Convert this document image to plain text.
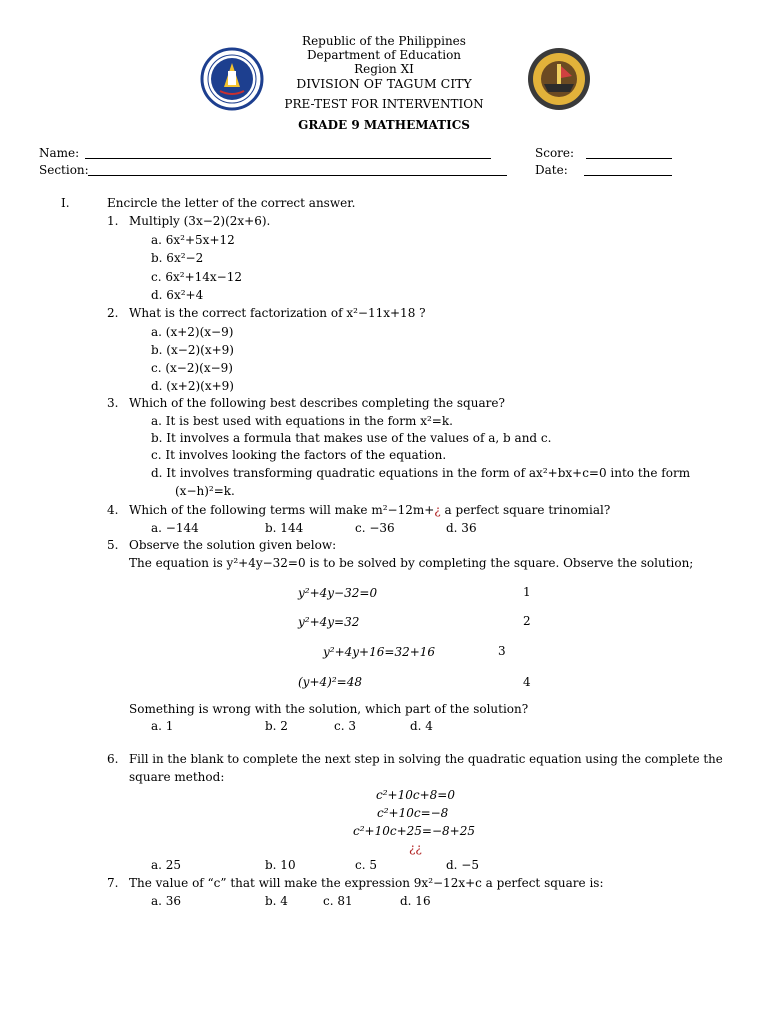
Republic of the Philippines
Department of Education
Region XI
DIVISION OF TAGUM CITY
PRE-TEST FOR INTERVENTION
GRADE 9 MATHEMATICS
Name:
Section:
Score:
Date:
I.	Encircle the letter of the correct answer.
1. Multiply (3x−2)(2x+6).
a. 6x²+5x+12
b. 6x²−2
c. 6x²+14x−12
d. 6x²+4
2. What is the correct factorization of x²−11x+18 ?
a. (x+2)(x−9)
b. (x−2)(x+9)
c. (x−2)(x−9)
d. (x+2)(x+9)
3. Which of the following best describes completing the square?
a. It is best used with equations in the form x²=k.
b. It involves a formula that makes use of the values of a, b and c.
c. It involves looking the factors of the equation.
d. It involves transforming quadratic equations in the form of ax²+bx+c=0 into the form
(x−h)²=k.
4. Which of the following terms will make m²−12m+¿ a perfect square trinomial?
a. −144	b. 144	c. −36	d. 36
5. Observe the solution given below:
The equation is y²+4y−32=0 is to be solved by completing the square. Observe the solution;
y²+4y−32=0	1
y²+4y=32	2
y²+4y+16=32+16	3
(y+4)²=48	4
Something is wrong with the solution, which part of the solution?
a. 1	b. 2	c. 3	d. 4
6. Fill in the blank to complete the next step in solving the quadratic equation using the complete the
square method:
c²+10c+8=0
c²+10c=−8
c²+10c+25=−8+25
¿¿
a. 25	b. 10	c. 5	d. −5
7. The value of “c” that will make the expression 9x²−12x+c a perfect square is:
a. 36	b. 4	c. 81	d. 16
